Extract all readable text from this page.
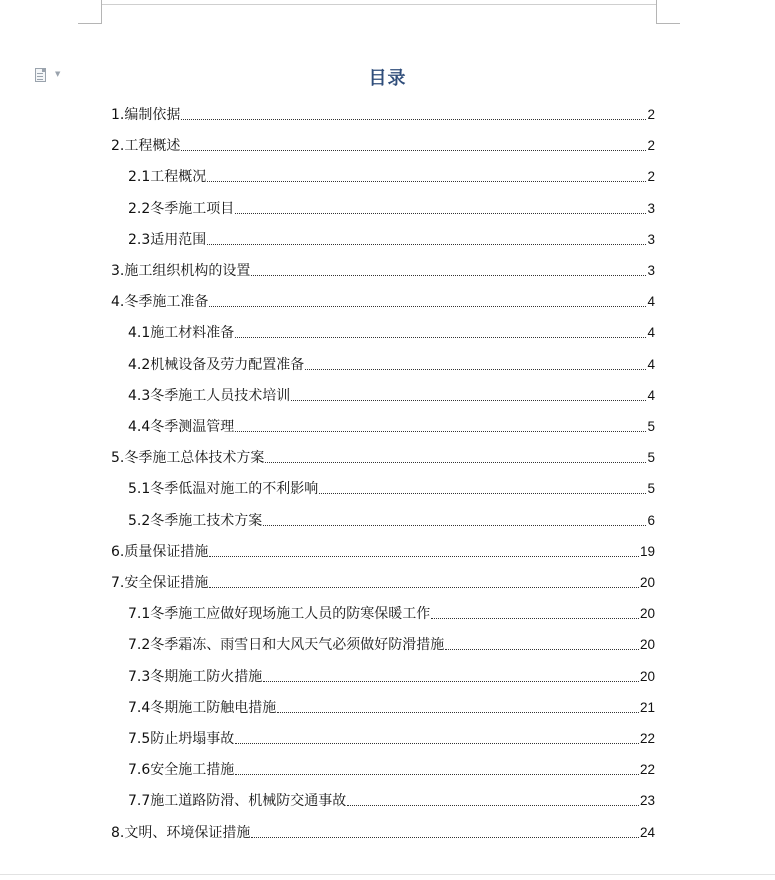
▼	目录
1.编制依据	2
2.工程概述	2
2.1工程概况	2
2.2冬季施工项目	3
2.3适用范围	3
3.施工组织机构的设置	3
4.冬季施工准备	4
4.1施工材料准备	4
4.2机械设备及劳力配置准备	4
4.3冬季施工人员技术培训	4
4.4冬季测温管理	5
5.冬季施工总体技术方案	5
5.1冬季低温对施工的不利影响	5
5.2冬季施工技术方案	6
6.质量保证措施	19
7.安全保证措施	20
7.1冬季施工应做好现场施工人员的防寒保暖工作	20
7.2冬季霜冻、雨雪日和大风天气必须做好防滑措施	20
7.3冬期施工防火措施	20
7.4冬期施工防触电措施	21
7.5防止坍塌事故	22
7.6安全施工措施	22
7.7施工道路防滑、机械防交通事故	23
8.文明、环境保证措施	24
